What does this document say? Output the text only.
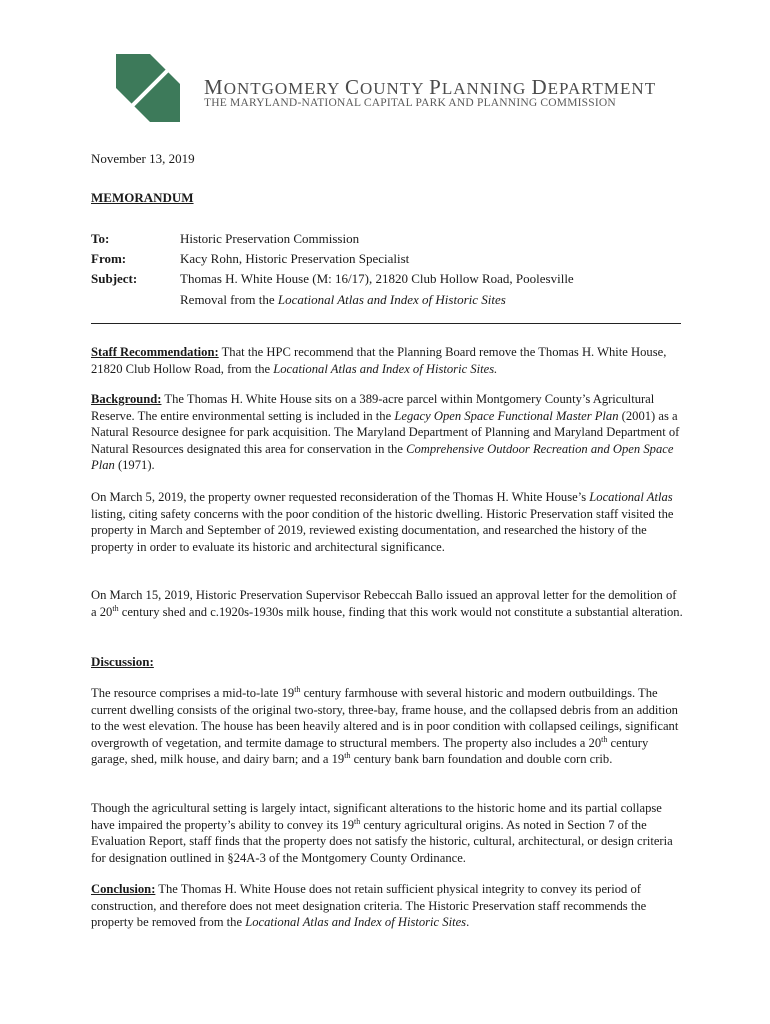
MONTGOMERY COUNTY PLANNING DEPARTMENT
THE MARYLAND-NATIONAL CAPITAL PARK AND PLANNING COMMISSION
November 13, 2019
MEMORANDUM
To:	Historic Preservation Commission
From:	Kacy Rohn, Historic Preservation Specialist
Subject:	Thomas H. White House (M: 16/17), 21820 Club Hollow Road, Poolesville
Removal from the Locational Atlas and Index of Historic Sites
Staff Recommendation: That the HPC recommend that the Planning Board remove the Thomas H. White House, 21820 Club Hollow Road, from the Locational Atlas and Index of Historic Sites.
Background: The Thomas H. White House sits on a 389-acre parcel within Montgomery County’s Agricultural Reserve. The entire environmental setting is included in the Legacy Open Space Functional Master Plan (2001) as a Natural Resource designee for park acquisition. The Maryland Department of Planning and Maryland Department of Natural Resources designated this area for conservation in the Comprehensive Outdoor Recreation and Open Space Plan (1971).
On March 5, 2019, the property owner requested reconsideration of the Thomas H. White House’s Locational Atlas listing, citing safety concerns with the poor condition of the historic dwelling. Historic Preservation staff visited the property in March and September of 2019, reviewed existing documentation, and researched the history of the property in order to evaluate its historic and architectural significance.
On March 15, 2019, Historic Preservation Supervisor Rebeccah Ballo issued an approval letter for the demolition of a 20th century shed and c.1920s-1930s milk house, finding that this work would not constitute a substantial alteration.
Discussion:
The resource comprises a mid-to-late 19th century farmhouse with several historic and modern outbuildings. The current dwelling consists of the original two-story, three-bay, frame house, and the collapsed debris from an addition to the west elevation. The house has been heavily altered and is in poor condition with collapsed ceilings, significant overgrowth of vegetation, and termite damage to structural members. The property also includes a 20th century garage, shed, milk house, and dairy barn; and a 19th century bank barn foundation and double corn crib.
Though the agricultural setting is largely intact, significant alterations to the historic home and its partial collapse have impaired the property’s ability to convey its 19th century agricultural origins. As noted in Section 7 of the Evaluation Report, staff finds that the property does not satisfy the historic, cultural, architectural, or design criteria for designation outlined in §24A-3 of the Montgomery County Ordinance.
Conclusion: The Thomas H. White House does not retain sufficient physical integrity to convey its period of construction, and therefore does not meet designation criteria. The Historic Preservation staff recommends the property be removed from the Locational Atlas and Index of Historic Sites.
